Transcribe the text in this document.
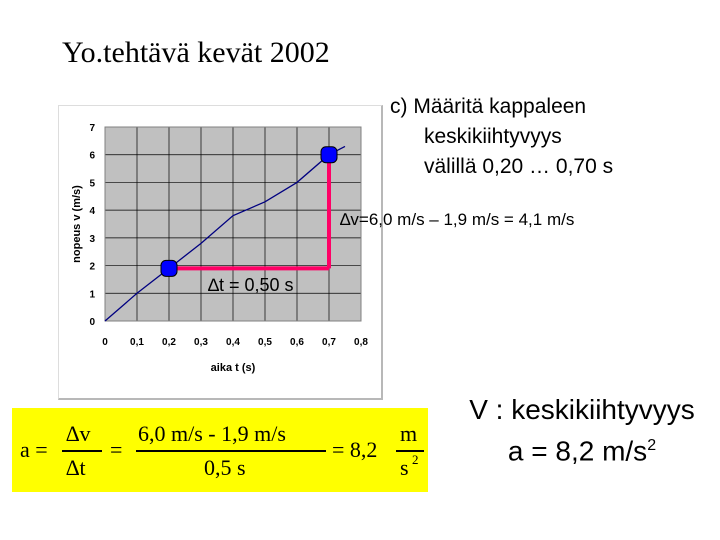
Yo.tehtävä kevät 2002
c) Määritä kappaleen
keskikiihtyvyys
välillä 0,20 … 0,70 s
0 0,1 0,2 0,3 0,4 0,5 0,6 0,7 0,8
0
1
2
3
4
5
6
7
aika t (s)
nopeus v (m/s)	∆v=6,0 m/s – 1,9 m/s = 4,1 m/s
∆t = 0,50 s
a =
∆v
∆t
=
6,0 m/s - 1,9 m/s
0,5 s
= 8,2
m
s 2
V : keskikiihtyvyys
a = 8,2 $m/s^2$
